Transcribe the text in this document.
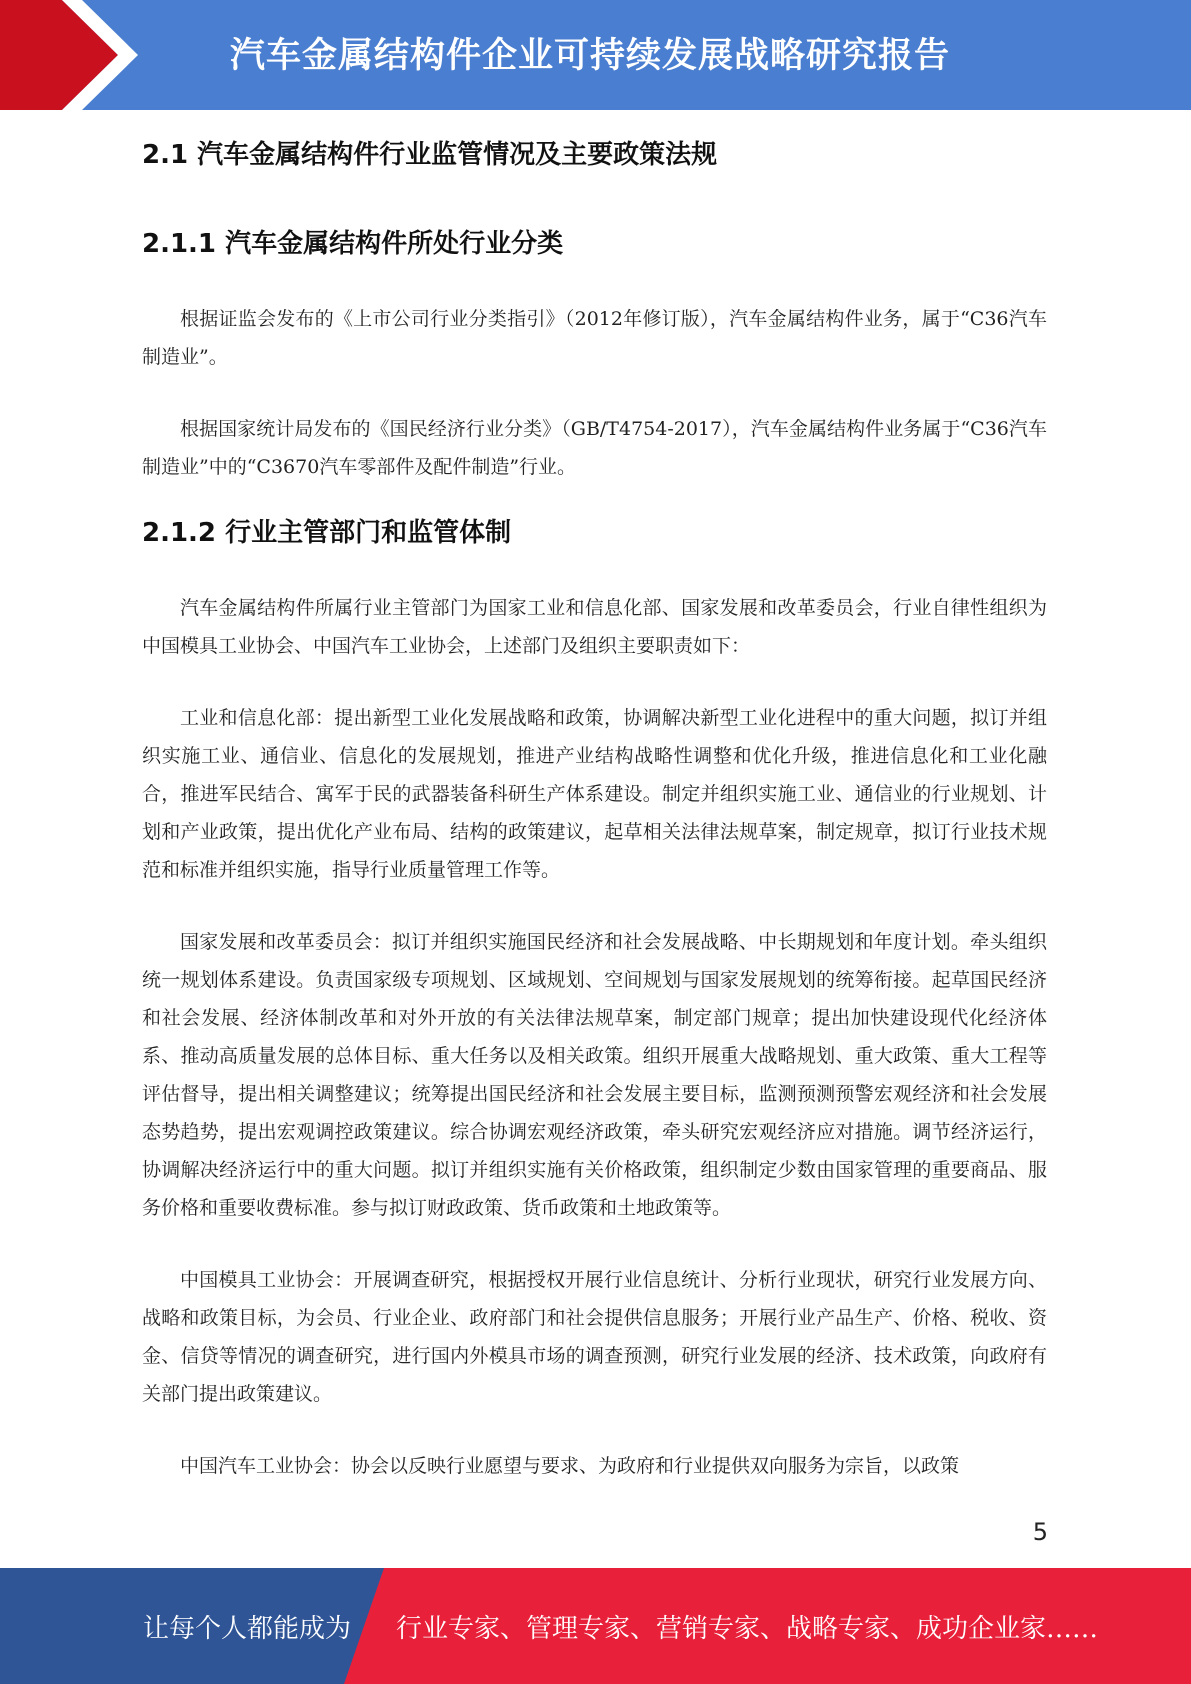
汽车金属结构件企业可持续发展战略研究报告
2.1 汽车金属结构件行业监管情况及主要政策法规
2.1.1 汽车金属结构件所处行业分类

根据证监会发布的《上市公司行业分类指引》（2012年修订版），汽车金属结构件业务，属于“C36汽车制造业”。

根据国家统计局发布的《国民经济行业分类》（GB/T4754-2017），汽车金属结构件业务属于“C36汽车制造业”中的“C3670汽车零部件及配件制造”行业。

2.1.2 行业主管部门和监管体制

汽车金属结构件所属行业主管部门为国家工业和信息化部、国家发展和改革委员会，行业自律性组织为中国模具工业协会、中国汽车工业协会，上述部门及组织主要职责如下：

工业和信息化部：提出新型工业化发展战略和政策，协调解决新型工业化进程中的重大问题，拟订并组织实施工业、通信业、信息化的发展规划，推进产业结构战略性调整和优化升级，推进信息化和工业化融合，推进军民结合、寓军于民的武器装备科研生产体系建设。制定并组织实施工业、通信业的行业规划、计划和产业政策，提出优化产业布局、结构的政策建议，起草相关法律法规草案，制定规章，拟订行业技术规范和标准并组织实施，指导行业质量管理工作等。

国家发展和改革委员会：拟订并组织实施国民经济和社会发展战略、中长期规划和年度计划。牵头组织统一规划体系建设。负责国家级专项规划、区域规划、空间规划与国家发展规划的统筹衔接。起草国民经济和社会发展、经济体制改革和对外开放的有关法律法规草案，制定部门规章；提出加快建设现代化经济体系、推动高质量发展的总体目标、重大任务以及相关政策。组织开展重大战略规划、重大政策、重大工程等评估督导，提出相关调整建议；统筹提出国民经济和社会发展主要目标，监测预测预警宏观经济和社会发展态势趋势，提出宏观调控政策建议。综合协调宏观经济政策，牵头研究宏观经济应对措施。调节经济运行，协调解决经济运行中的重大问题。拟订并组织实施有关价格政策，组织制定少数由国家管理的重要商品、服务价格和重要收费标准。参与拟订财政政策、货币政策和土地政策等。

中国模具工业协会：开展调查研究，根据授权开展行业信息统计、分析行业现状，研究行业发展方向、战略和政策目标，为会员、行业企业、政府部门和社会提供信息服务；开展行业产品生产、价格、税收、资金、信贷等情况的调查研究，进行国内外模具市场的调查预测，研究行业发展的经济、技术政策，向政府有关部门提出政策建议。

中国汽车工业协会：协会以反映行业愿望与要求、为政府和行业提供双向服务为宗旨，以政策

5
让每个人都能成为 行业专家、管理专家、营销专家、战略专家、成功企业家……
